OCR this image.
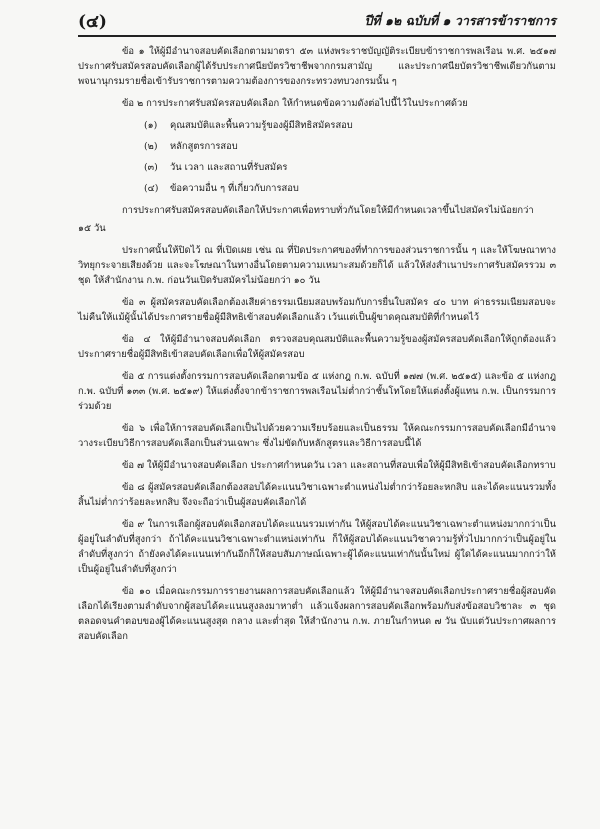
(๔)	ปีที่ ๑๒ ฉบับที่ ๑ วารสารข้าราชการ

ข้อ ๑ ให้ผู้มีอำนาจสอบคัดเลือกตามมาตรา ๕๓ แห่งพระราชบัญญัติระเบียบข้าราชการพลเรือน พ.ศ. ๒๕๑๗ ประกาศรับสมัครสอบคัดเลือกผู้ได้รับประกาศนียบัตรวิชาชีพจากกรมสามัญ และประกาศนียบัตรวิชาชีพเดียวกันตามพจนานุกรมรายชื่อเข้ารับราชการตามความต้องการของกระทรวงทบวงกรมนั้น ๆ

ข้อ ๒ การประกาศรับสมัครสอบคัดเลือก ให้กำหนดข้อความดังต่อไปนี้ไว้ในประกาศด้วย

(๑) คุณสมบัติและพื้นความรู้ของผู้มีสิทธิสมัครสอบ
(๒) หลักสูตรการสอบ
(๓) วัน เวลา และสถานที่รับสมัคร
(๔) ข้อความอื่น ๆ ที่เกี่ยวกับการสอบ

การประกาศรับสมัครสอบคัดเลือกให้ประกาศเพื่อทราบทั่วกันโดยให้มีกำหนดเวลาขึ้นไปสมัครไม่น้อยกว่า

๑๕ วัน

ประกาศนั้นให้ปิดไว้ ณ ที่เปิดเผย เช่น ณ ที่ปิดประกาศของที่ทำการของส่วนราชการนั้น ๆ และให้โฆษณาทางวิทยุกระจายเสียงด้วย และจะโฆษณาในทางอื่นโดยตามความเหมาะสมด้วยก็ได้ แล้วให้ส่งสำเนาประกาศรับสมัครรวม ๓ ชุด ให้สำนักงาน ก.พ. ก่อนวันเปิดรับสมัครไม่น้อยกว่า ๑๐ วัน

ข้อ ๓ ผู้สมัครสอบคัดเลือกต้องเสียค่าธรรมเนียมสอบพร้อมกับการยื่นใบสมัคร ๔๐ บาท ค่าธรรมเนียมสอบจะไม่คืนให้แม้ผู้นั้นได้ประกาศรายชื่อผู้มีสิทธิเข้าสอบคัดเลือกแล้ว เว้นแต่เป็นผู้ขาดคุณสมบัติที่กำหนดไว้

ข้อ ๔ ให้ผู้มีอำนาจสอบคัดเลือก ตรวจสอบคุณสมบัติและพื้นความรู้ของผู้สมัครสอบคัดเลือกให้ถูกต้องแล้วประกาศรายชื่อผู้มีสิทธิเข้าสอบคัดเลือกเพื่อให้ผู้สมัครสอบ

ข้อ ๕ การแต่งตั้งกรรมการสอบคัดเลือกตามข้อ ๕ แห่งกฎ ก.พ. ฉบับที่ ๑๗๗ (พ.ศ. ๒๕๑๕) และข้อ ๕ แห่งกฎ ก.พ. ฉบับที่ ๑๓๓ (พ.ศ. ๒๕๑๙) ให้แต่งตั้งจากข้าราชการพลเรือนไม่ต่ำกว่าชั้นโทโดยให้แต่งตั้งผู้แทน ก.พ. เป็นกรรมการร่วมด้วย

ข้อ ๖ เพื่อให้การสอบคัดเลือกเป็นไปด้วยความเรียบร้อยและเป็นธรรม ให้คณะกรรมการสอบคัดเลือกมีอำนาจวางระเบียบวิธีการสอบคัดเลือกเป็นส่วนเฉพาะ ซึ่งไม่ขัดกับหลักสูตรและวิธีการสอบนี้ได้

ข้อ ๗ ให้ผู้มีอำนาจสอบคัดเลือก ประกาศกำหนดวัน เวลา และสถานที่สอบเพื่อให้ผู้มีสิทธิเข้าสอบคัดเลือกทราบ

ข้อ ๘ ผู้สมัครสอบคัดเลือกต้องสอบได้คะแนนวิชาเฉพาะตำแหน่งไม่ต่ำกว่าร้อยละหกสิบ และได้คะแนนรวมทั้งสิ้นไม่ต่ำกว่าร้อยละหกสิบ จึงจะถือว่าเป็นผู้สอบคัดเลือกได้

ข้อ ๙ ในการเลือกผู้สอบคัดเลือกสอบได้คะแนนรวมเท่ากัน ให้ผู้สอบได้คะแนนวิชาเฉพาะตำแหน่งมากกว่าเป็นผู้อยู่ในลำดับที่สูงกว่า ถ้าได้คะแนนวิชาเฉพาะตำแหน่งเท่ากัน ก็ให้ผู้สอบได้คะแนนวิชาความรู้ทั่วไปมากกว่าเป็นผู้อยู่ในลำดับที่สูงกว่า ถ้ายังคงได้คะแนนเท่ากันอีกก็ให้สอบสัมภาษณ์เฉพาะผู้ได้คะแนนเท่ากันนั้นใหม่ ผู้ใดได้คะแนนมากกว่าให้เป็นผู้อยู่ในลำดับที่สูงกว่า

ข้อ ๑๐ เมื่อคณะกรรมการรายงานผลการสอบคัดเลือกแล้ว ให้ผู้มีอำนาจสอบคัดเลือกประกาศรายชื่อผู้สอบคัดเลือกได้เรียงตามลำดับจากผู้สอบได้คะแนนสูงลงมาหาต่ำ แล้วแจ้งผลการสอบคัดเลือกพร้อมกับส่งข้อสอบวิชาละ ๓ ชุด ตลอดจนคำตอบของผู้ได้คะแนนสูงสุด กลาง และต่ำสุด ให้สำนักงาน ก.พ. ภายในกำหนด ๗ วัน นับแต่วันประกาศผลการสอบคัดเลือก
